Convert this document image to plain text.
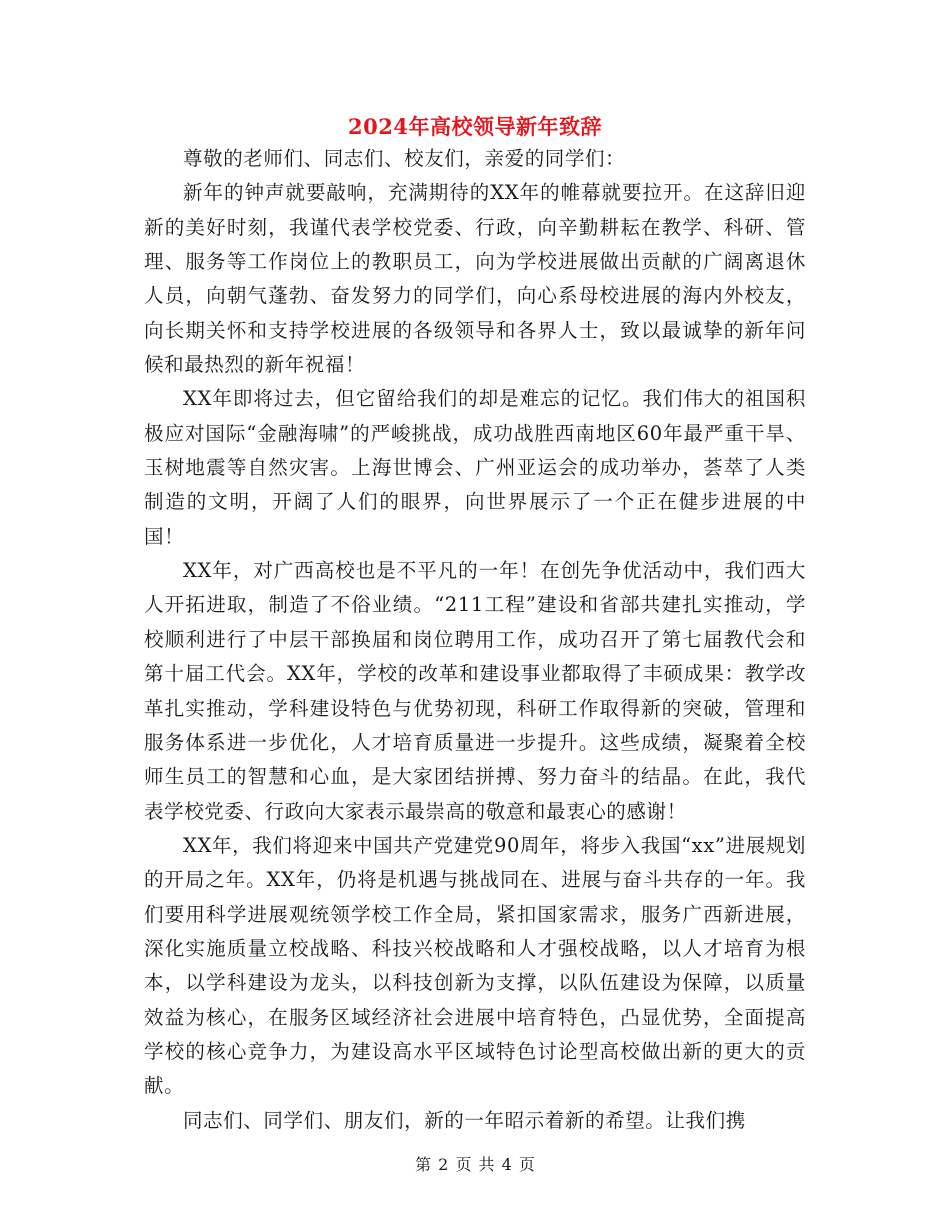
2024年高校领导新年致辞

尊敬的老师们、同志们、校友们，亲爱的同学们：

新年的钟声就要敲响，充满期待的XX年的帷幕就要拉开。在这辞旧迎新的美好时刻，我谨代表学校党委、行政，向辛勤耕耘在教学、科研、管理、服务等工作岗位上的教职员工，向为学校进展做出贡献的广阔离退休人员，向朝气蓬勃、奋发努力的同学们，向心系母校进展的海内外校友，向长期关怀和支持学校进展的各级领导和各界人士，致以最诚挚的新年问候和最热烈的新年祝福！

XX年即将过去，但它留给我们的却是难忘的记忆。我们伟大的祖国积极应对国际“金融海啸”的严峻挑战，成功战胜西南地区60年最严重干旱、玉树地震等自然灾害。上海世博会、广州亚运会的成功举办，荟萃了人类制造的文明，开阔了人们的眼界，向世界展示了一个正在健步进展的中国！

XX年，对广西高校也是不平凡的一年！在创先争优活动中，我们西大人开拓进取，制造了不俗业绩。“211工程”建设和省部共建扎实推动，学校顺利进行了中层干部换届和岗位聘用工作，成功召开了第七届教代会和第十届工代会。XX年，学校的改革和建设事业都取得了丰硕成果：教学改革扎实推动，学科建设特色与优势初现，科研工作取得新的突破，管理和服务体系进一步优化，人才培育质量进一步提升。这些成绩，凝聚着全校师生员工的智慧和心血，是大家团结拼搏、努力奋斗的结晶。在此，我代表学校党委、行政向大家表示最崇高的敬意和最衷心的感谢！

XX年，我们将迎来中国共产党建党90周年，将步入我国“xx”进展规划的开局之年。XX年，仍将是机遇与挑战同在、进展与奋斗共存的一年。我们要用科学进展观统领学校工作全局，紧扣国家需求，服务广西新进展，深化实施质量立校战略、科技兴校战略和人才强校战略，以人才培育为根本，以学科建设为龙头，以科技创新为支撑，以队伍建设为保障，以质量效益为核心，在服务区域经济社会进展中培育特色，凸显优势，全面提高学校的核心竞争力，为建设高水平区域特色讨论型高校做出新的更大的贡献。

同志们、同学们、朋友们，新的一年昭示着新的希望。让我们携

第 2 页 共 4 页
